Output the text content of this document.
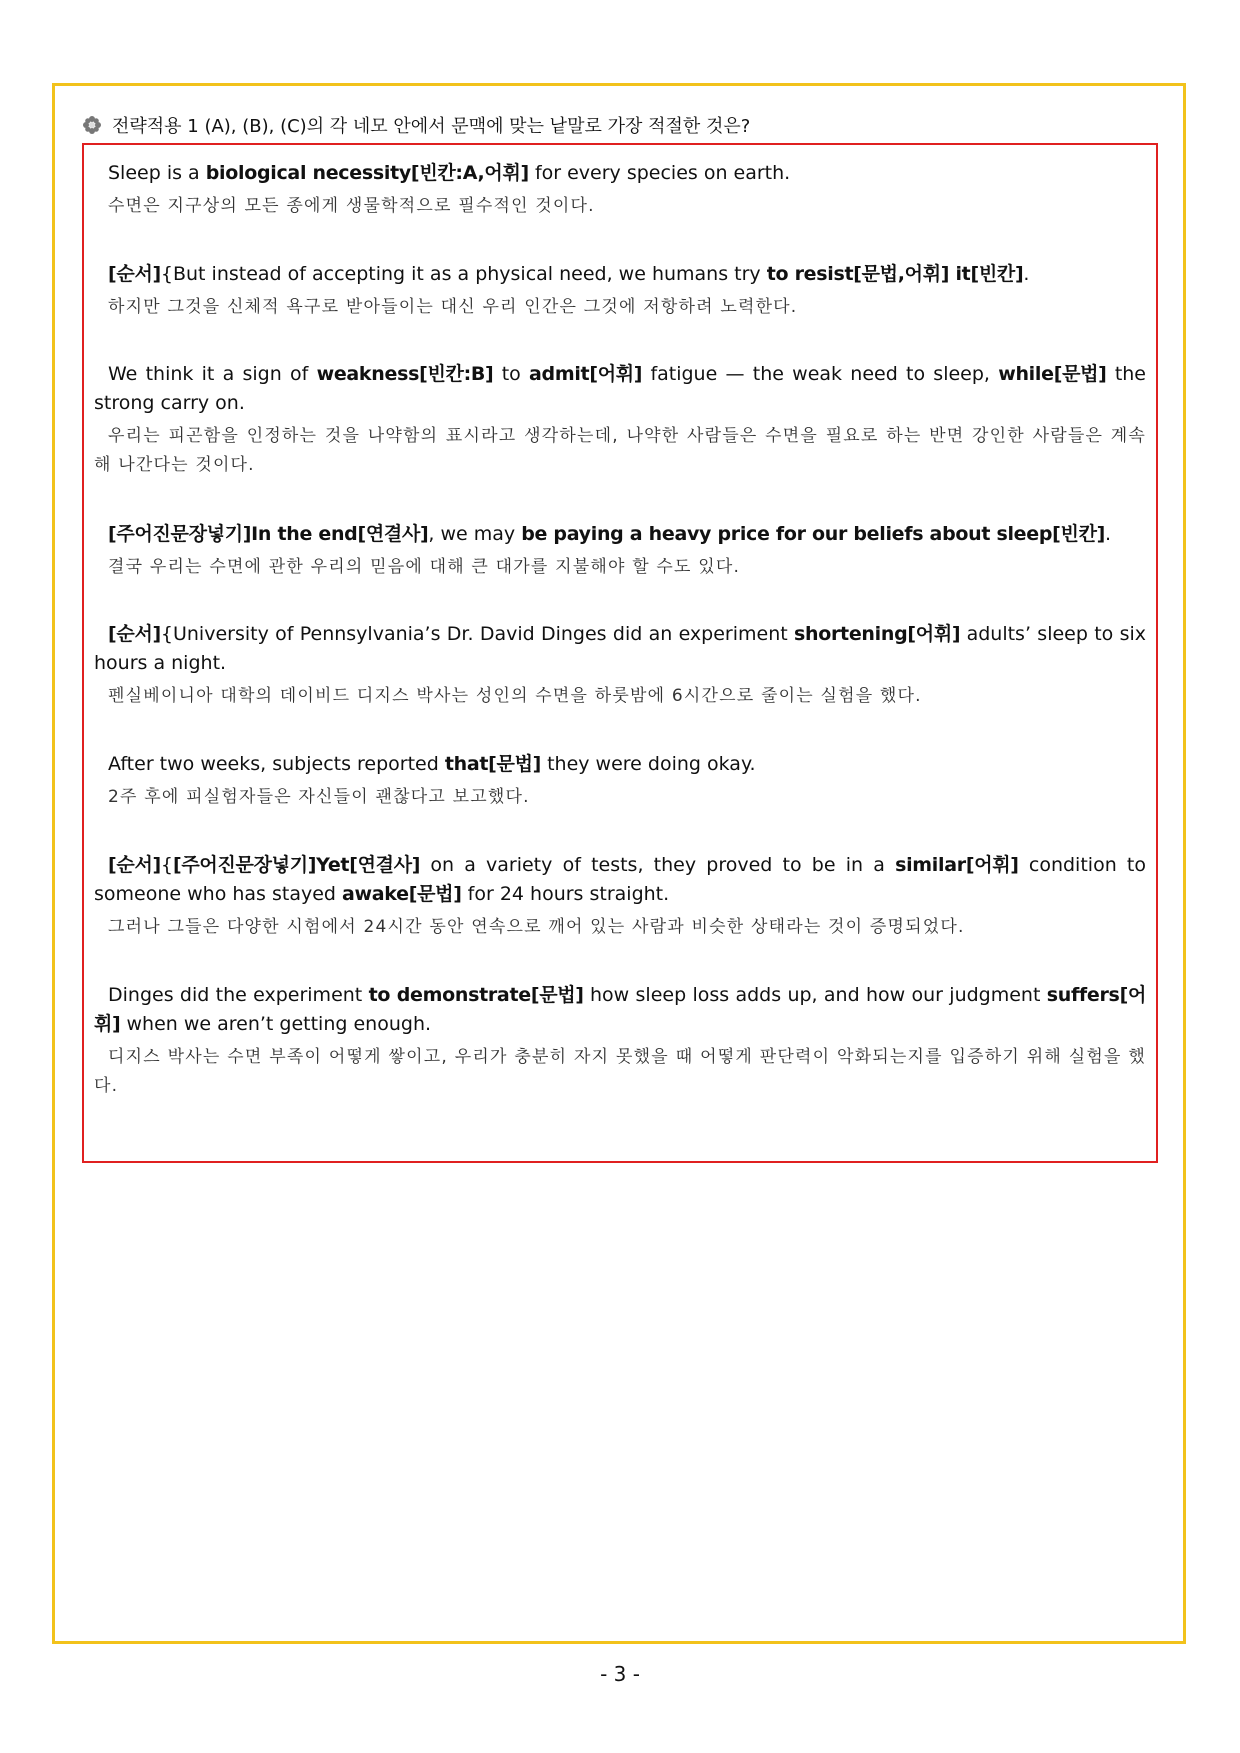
전략적용 1 (A), (B), (C)의 각 네모 안에서 문맥에 맞는 낱말로 가장 적절한 것은?
Sleep is a biological necessity[빈칸:A,어휘] for every species on earth.
수면은 지구상의 모든 종에게 생물학적으로 필수적인 것이다.
[순서]{But instead of accepting it as a physical need, we humans try to resist[문법,어휘] it[빈칸].
하지만 그것을 신체적 욕구로 받아들이는 대신 우리 인간은 그것에 저항하려 노력한다.
We think it a sign of weakness[빈칸:B] to admit[어휘] fatigue — the weak need to sleep, while[문법] the strong carry on.
우리는 피곤함을 인정하는 것을 나약함의 표시라고 생각하는데, 나약한 사람들은 수면을 필요로 하는 반면 강인한 사람들은 계속해 나간다는 것이다.
[주어진문장넣기]In the end[연결사], we may be paying a heavy price for our beliefs about sleep[빈칸].
결국 우리는 수면에 관한 우리의 믿음에 대해 큰 대가를 지불해야 할 수도 있다.
[순서]{University of Pennsylvania’s Dr. David Dinges did an experiment shortening[어휘] adults’ sleep to six hours a night.
펜실베이니아 대학의 데이비드 디지스 박사는 성인의 수면을 하룻밤에 6시간으로 줄이는 실험을 했다.
After two weeks, subjects reported that[문법] they were doing okay.
2주 후에 피실험자들은 자신들이 괜찮다고 보고했다.
[순서]{[주어진문장넣기]Yet[연결사] on a variety of tests, they proved to be in a similar[어휘] condition to someone who has stayed awake[문법] for 24 hours straight.
그러나 그들은 다양한 시험에서 24시간 동안 연속으로 깨어 있는 사람과 비슷한 상태라는 것이 증명되었다.
Dinges did the experiment to demonstrate[문법] how sleep loss adds up, and how our judgment suffers[어휘] when we aren’t getting enough.
디지스 박사는 수면 부족이 어떻게 쌓이고, 우리가 충분히 자지 못했을 때 어떻게 판단력이 악화되는지를 입증하기 위해 실험을 했다.
- 3 -
